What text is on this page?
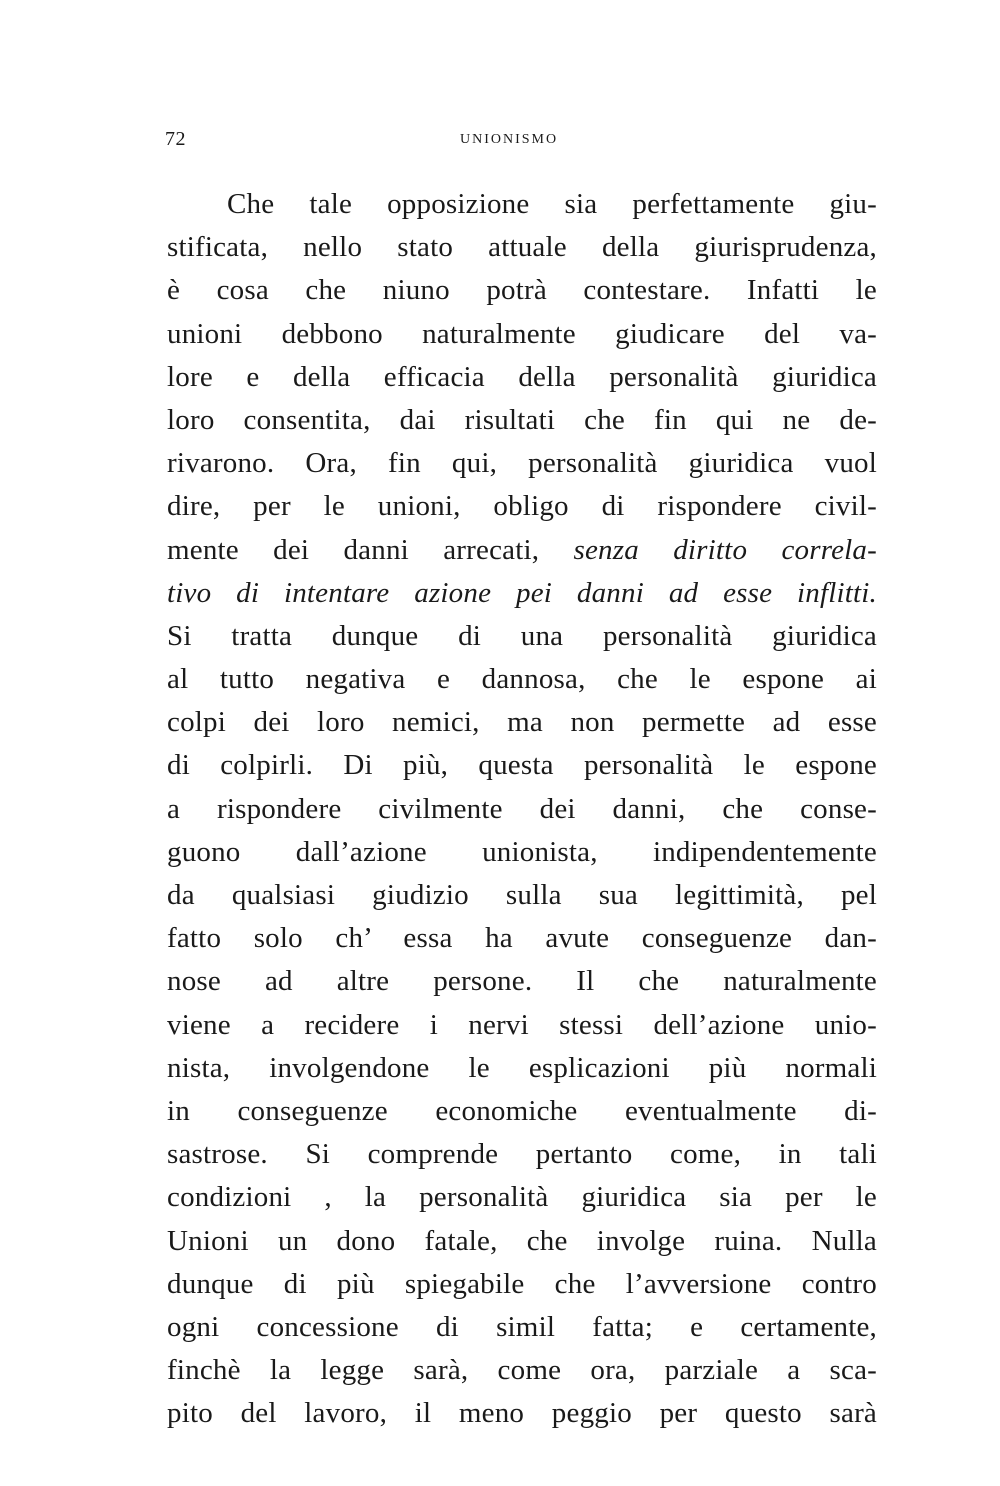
72	UNIONISMO
Che tale opposizione sia perfettamente giu-
stificata, nello stato attuale della giurisprudenza,
è cosa che niuno potrà contestare. Infatti le
unioni debbono naturalmente giudicare del va-
lore e della efficacia della personalità giuridica
loro consentita, dai risultati che fin qui ne de-
rivarono. Ora, fin qui, personalità giuridica vuol
dire, per le unioni, obligo di rispondere civil-
mente dei danni arrecati, senza diritto correla-
tivo di intentare azione pei danni ad esse inflitti.
Si tratta dunque di una personalità giuridica
al tutto negativa e dannosa, che le espone ai
colpi dei loro nemici, ma non permette ad esse
di colpirli. Di più, questa personalità le espone
a rispondere civilmente dei danni, che conse-
guono dall’azione unionista, indipendentemente
da qualsiasi giudizio sulla sua legittimità, pel
fatto solo ch’ essa ha avute conseguenze dan-
nose ad altre persone. Il che naturalmente
viene a recidere i nervi stessi dell’azione unio-
nista, involgendone le esplicazioni più normali
in conseguenze economiche eventualmente di-
sastrose. Si comprende pertanto come, in tali
condizioni , la personalità giuridica sia per le
Unioni un dono fatale, che involge ruina. Nulla
dunque di più spiegabile che l’avversione contro
ogni concessione di simil fatta; e certamente,
finchè la legge sarà, come ora, parziale a sca-
pito del lavoro, il meno peggio per questo sarà
